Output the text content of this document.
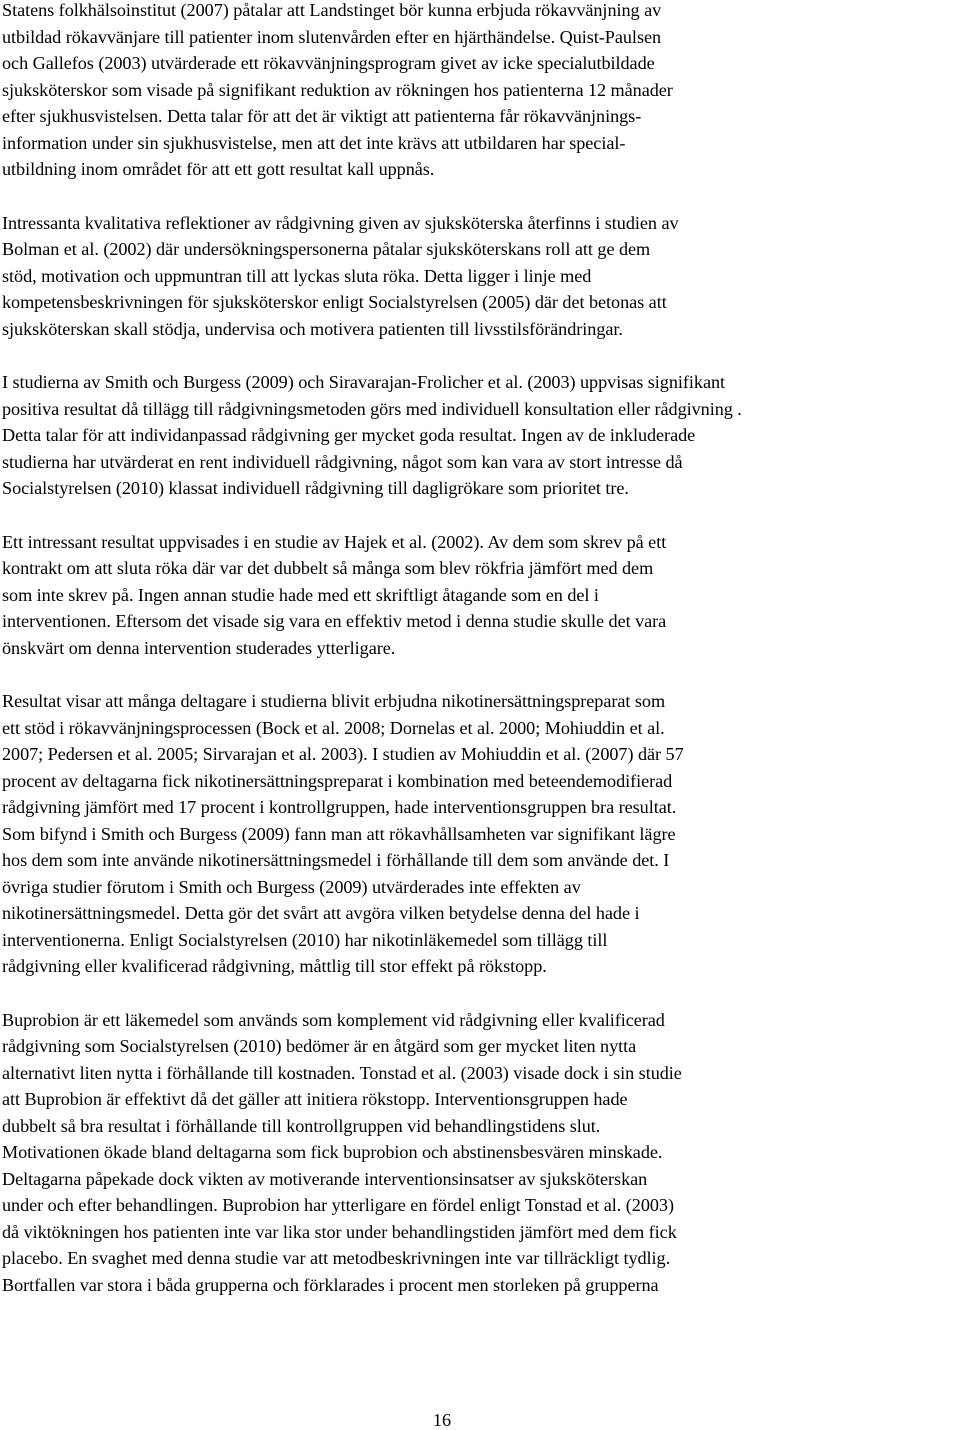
Statens folkhälsoinstitut (2007) påtalar att Landstinget bör kunna erbjuda rökavvänjning av
utbildad rökavvänjare till patienter inom slutenvården efter en hjärthändelse. Quist-Paulsen
och Gallefos (2003) utvärderade ett rökavvänjningsprogram givet av icke specialutbildade
sjuksköterskor som visade på signifikant reduktion av rökningen hos patienterna 12 månader
efter sjukhusvistelsen. Detta talar för att det är viktigt att patienterna får rökavvänjnings-
information under sin sjukhusvistelse, men att det inte krävs att utbildaren har special-
utbildning inom området för att ett gott resultat kall uppnås.

Intressanta kvalitativa reflektioner av rådgivning given av sjuksköterska återfinns i studien av
Bolman et al. (2002) där undersökningspersonerna påtalar sjuksköterskans roll att ge dem
stöd, motivation och uppmuntran till att lyckas sluta röka. Detta ligger i linje med
kompetensbeskrivningen för sjuksköterskor enligt Socialstyrelsen (2005) där det betonas att
sjuksköterskan skall stödja, undervisa och motivera patienten till livsstilsförändringar.

I studierna av Smith och Burgess (2009) och Siravarajan-Frolicher et al. (2003) uppvisas signifikant
positiva resultat då tillägg till rådgivningsmetoden görs med individuell konsultation eller rådgivning .
Detta talar för att individanpassad rådgivning ger mycket goda resultat. Ingen av de inkluderade
studierna har utvärderat en rent individuell rådgivning, något som kan vara av stort intresse då
Socialstyrelsen (2010) klassat individuell rådgivning till dagligrökare som prioritet tre.

Ett intressant resultat uppvisades i en studie av Hajek et al. (2002). Av dem som skrev på ett
kontrakt om att sluta röka där var det dubbelt så många som blev rökfria jämfört med dem
som inte skrev på. Ingen annan studie hade med ett skriftligt åtagande som en del i
interventionen. Eftersom det visade sig vara en effektiv metod i denna studie skulle det vara
önskvärt om denna intervention studerades ytterligare.

Resultat visar att många deltagare i studierna blivit erbjudna nikotinersättningspreparat som
ett stöd i rökavvänjningsprocessen (Bock et al. 2008; Dornelas et al. 2000; Mohiuddin et al.
2007; Pedersen et al. 2005; Sirvarajan et al. 2003). I studien av Mohiuddin et al. (2007) där 57
procent av deltagarna fick nikotinersättningspreparat i kombination med beteendemodifierad
rådgivning jämfört med 17 procent i kontrollgruppen, hade interventionsgruppen bra resultat.
Som bifynd i Smith och Burgess (2009) fann man att rökavhållsamheten var signifikant lägre
hos dem som inte använde nikotinersättningsmedel i förhållande till dem som använde det. I
övriga studier förutom i Smith och Burgess (2009) utvärderades inte effekten av
nikotinersättningsmedel. Detta gör det svårt att avgöra vilken betydelse denna del hade i
interventionerna. Enligt Socialstyrelsen (2010) har nikotinläkemedel som tillägg till
rådgivning eller kvalificerad rådgivning, måttlig till stor effekt på rökstopp.

Buprobion är ett läkemedel som används som komplement vid rådgivning eller kvalificerad
rådgivning som Socialstyrelsen (2010) bedömer är en åtgärd som ger mycket liten nytta
alternativt liten nytta i förhållande till kostnaden. Tonstad et al. (2003) visade dock i sin studie
att Buprobion är effektivt då det gäller att initiera rökstopp. Interventionsgruppen hade
dubbelt så bra resultat i förhållande till kontrollgruppen vid behandlingstidens slut.
Motivationen ökade bland deltagarna som fick buprobion och abstinensbesvären minskade.
Deltagarna påpekade dock vikten av motiverande interventionsinsatser av sjuksköterskan
under och efter behandlingen. Buprobion har ytterligare en fördel enligt Tonstad et al. (2003)
då viktökningen hos patienten inte var lika stor under behandlingstiden jämfört med dem fick
placebo. En svaghet med denna studie var att metodbeskrivningen inte var tillräckligt tydlig.
Bortfallen var stora i båda grupperna och förklarades i procent men storleken på grupperna

16
